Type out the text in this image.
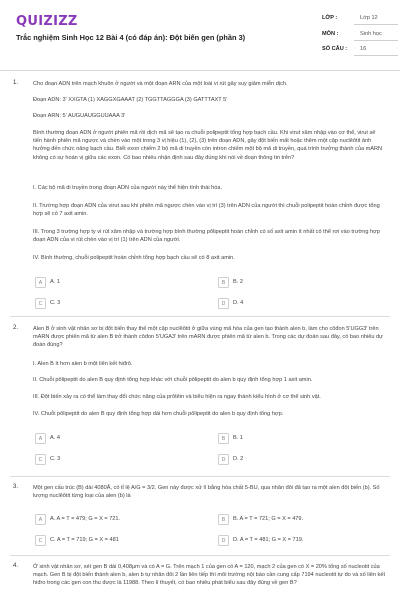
QUIZIZZ
Trắc nghiệm Sinh Học 12 Bài 4 (có đáp án): Đột biến gen (phần 3)
LỚP :	Lớp 12
MÔN :	Sinh học
SỐ CÂU : 16
1.	Cho đoạn ADN trên mạch khuôn ở người và một đoạn ARN của một loài vi rút gây suy giảm miễn dịch.
Đoạn ADN: 3' XXGTA (1) XAGGXGAAAT (2) TGGTTAGGGA (3) GATTTAXT 5'
Đoạn ARN: 5' AUGUAUGGUUAAA 3'
Bình thường đoạn ADN ở người phiên mã rồi dịch mã sẽ tạo ra chuỗi polipeptit tổng hợp bạch cầu. Khi virut xâm nhập vào cơ thể, virut sẽ tiến hành phiên mã ngược và chèn vào một trong 3 vị hiệu (1), (2), (3) trên đoạn ADN, gây đột biến mất hoặc thêm một cặp nuclêôtit ảnh hưởng đến chức năng bạch cầu. Biết exon chiếm 2 bộ mã di truyền còn intron chiếm một bộ mã di truyền, quá trình trưởng thành của mARN không có sự hoán vị giữa các exon. Có bao nhiêu nhận định sau đây đúng khi nói về đoạn thông tin trên?
I. Các bộ mã di truyền trong đoạn ADN của người này thể hiện tính thái hóa.
II. Trường hợp đoạn ADN của virut sau khi phiên mã ngược chèn vào vị trí (3) trên ADN của người thì chuỗi polipeptit hoàn chỉnh được tổng hợp sẽ có 7 axit amin.
III. Trong 3 trường hợp ty vi rút xâm nhập và trường hợp bình thường pôlipeptit hoàn chỉnh có số axit amin ít nhất có thể rơi vào trường hợp đoạn ADN của vi rút chèn vào vị trí (1) trên ADN của người.
IV. Bình thường, chuỗi polipeptit hoàn chỉnh tổng hợp bạch cầu sẽ có 8 axit amin.
A	A. 1	B	B. 2
C	C. 3	D	D. 4
2.	Alen B ở sinh vật nhân sơ bị đột biến thay thế một cặp nuclêôtit ở giữa vùng mã hóa của gen tạo thành alen b, làm cho côđon 5'UGG3' trên mARN được phiên mã từ alen B trở thành côđon 5'UGA3' trên mARN được phiên mã từ alen b. Trong các dự đoán sau đây, có bao nhiêu dự đoán đúng?
I. Alen B ít hơn alen b một liên kết hiđrô.
II. Chuỗi pôlipeptit do alen B quy định tổng hợp khác với chuỗi pôlipeptit do alen b quy định tổng hợp 1 axit amin.
III. Đột biến xảy ra có thể làm thay đổi chức năng của prôtêin và biểu hiện ra ngay thành kiểu hình ở cơ thể sinh vật.
IV. Chuỗi pôlipeptit do alen B quy định tổng hợp dài hơn chuỗi pôlipeptit do alen b quy định tổng hợp.
A	A. 4	B	B. 1
C	C. 3	D	D. 2
3.	Một gen cấu trúc (B) dài 4080Å, có tỉ lệ A/G = 3/2. Gen này được xử lí bằng hóa chất 5-BU, qua nhân đôi đã tạo ra một alen đột biến (b). Số lượng nuclêôtit từng loại của alen (b) là
A	A. A = T = 479; G = X = 721.	B	B. A = T = 721; G = X = 479.
C	C. A = T = 719; G = X = 481	D	D. A = T = 481; G = X = 719.
4.	Ở sinh vật nhân sơ, xét gen B dài 0,408μm và có A = G. Trên mạch 1 của gen có A = 120, mạch 2 của gen có X = 20% tổng số nucleotit của mạch. Gen B bị đột biến thành alen b, alen b tự nhân đôi 2 lần liên tiếp thì môi trường nội bào cần cung cấp 7194 nucleotit tự do và số liên kết hiđro trong các gen con thu được là 11988. Theo lí thuyết, có bao nhiêu phát biểu sau đây đúng về gen B?
